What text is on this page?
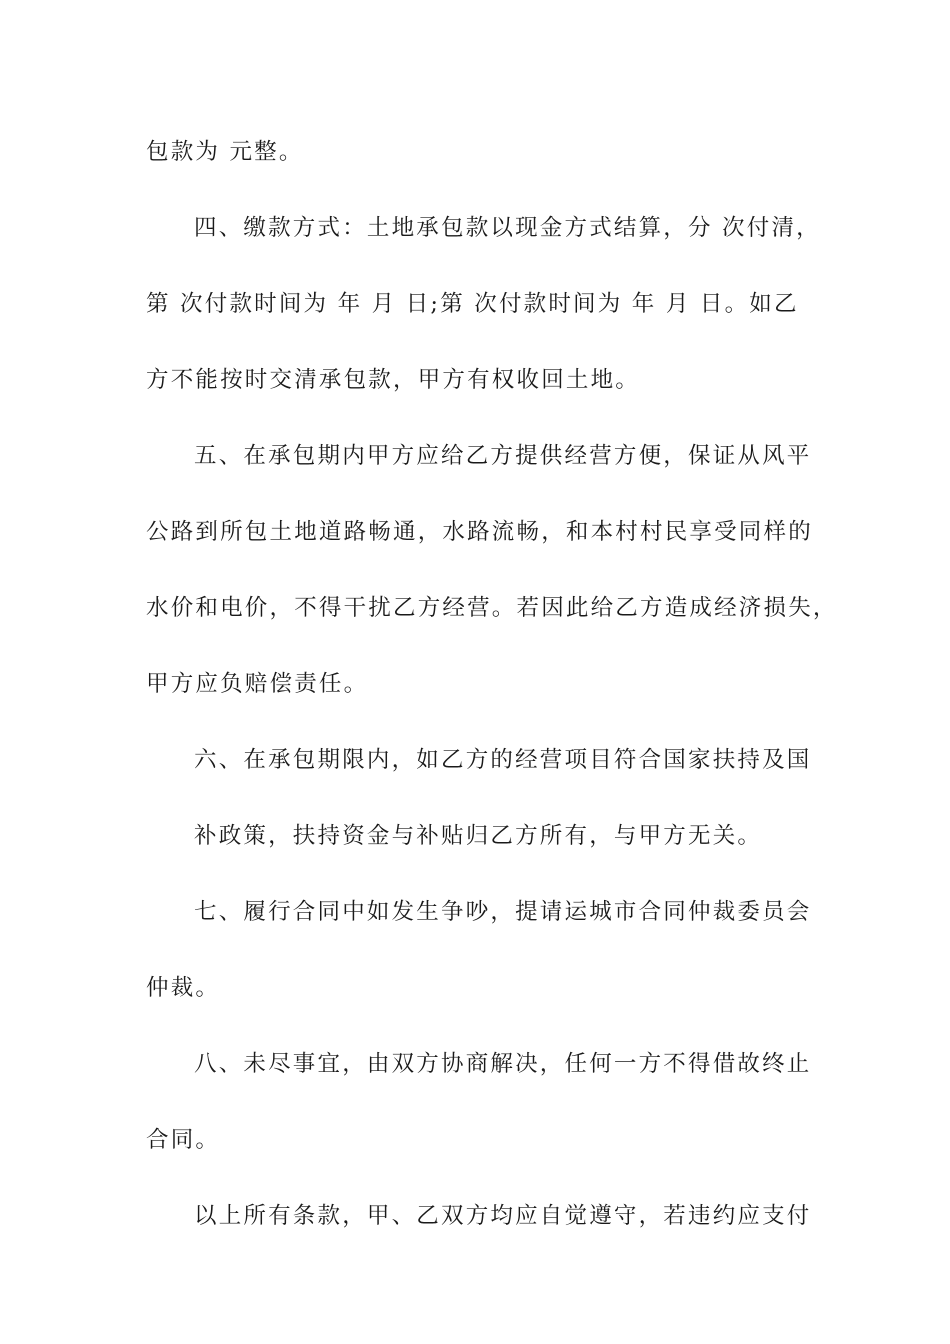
包款为 元整。
四、缴款方式：土地承包款以现金方式结算，分 次付清，
第 次付款时间为 年 月 日;第 次付款时间为 年 月 日。如乙
方不能按时交清承包款，甲方有权收回土地。
五、在承包期内甲方应给乙方提供经营方便，保证从风平
公路到所包土地道路畅通，水路流畅，和本村村民享受同样的
水价和电价，不得干扰乙方经营。若因此给乙方造成经济损失，
甲方应负赔偿责任。
六、在承包期限内，如乙方的经营项目符合国家扶持及国
补政策，扶持资金与补贴归乙方所有，与甲方无关。
七、履行合同中如发生争吵，提请运城市合同仲裁委员会
仲裁。
八、未尽事宜，由双方协商解决，任何一方不得借故终止
合同。
以上所有条款，甲、乙双方均应自觉遵守，若违约应支付
